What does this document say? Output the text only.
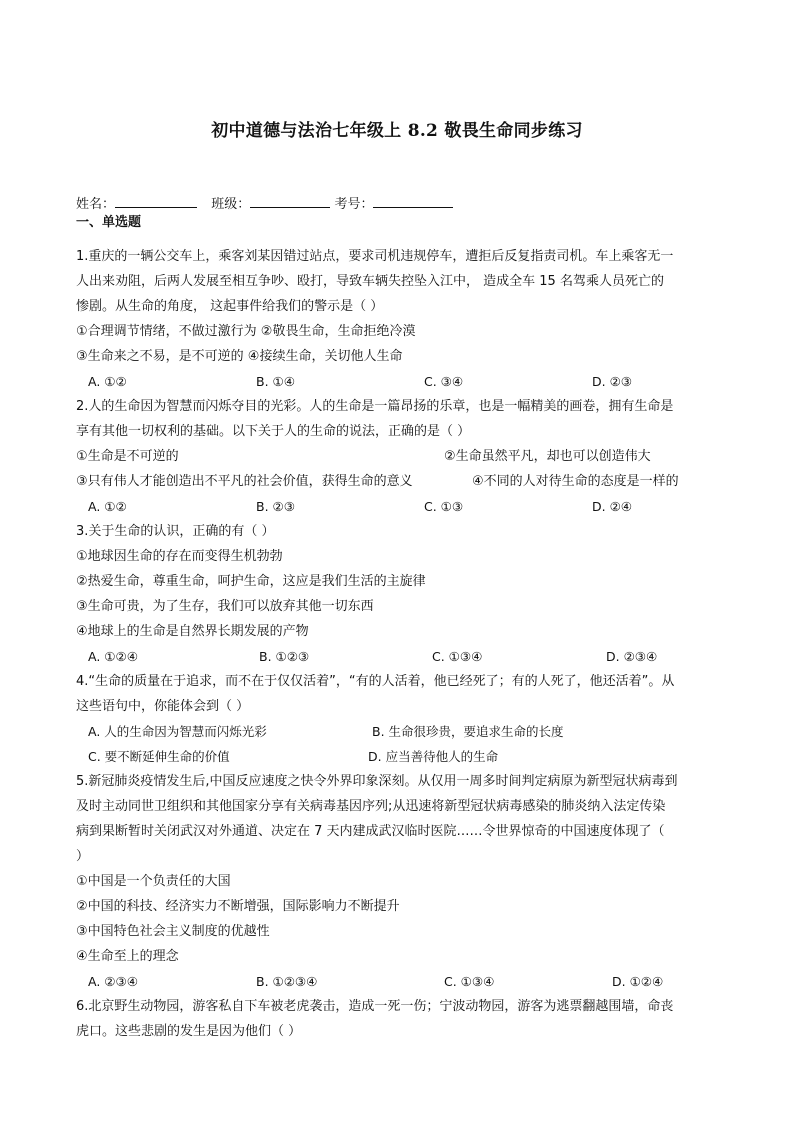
初中道德与法治七年级上 8.2 敬畏生命同步练习
姓名：	班级：	考号：
一、单选题
1.重庆的一辆公交车上，乘客刘某因错过站点，要求司机违规停车，遭拒后反复指责司机。车上乘客无一
人出来劝阻，后两人发展至相互争吵、殴打，导致车辆失控坠入江中， 造成全车 15 名驾乘人员死亡的
惨剧。从生命的角度， 这起事件给我们的警示是（ ）
①合理调节情绪，不做过激行为 ②敬畏生命，生命拒绝冷漠
③生命来之不易，是不可逆的 ④接续生命，关切他人生命
A. ①②	B. ①④	C. ③④	D. ②③
2.人的生命因为智慧而闪烁夺目的光彩。人的生命是一篇昂扬的乐章，也是一幅精美的画卷，拥有生命是
享有其他一切权利的基础。以下关于人的生命的说法，正确的是（ ）
①生命是不可逆的	②生命虽然平凡，却也可以创造伟大
③只有伟人才能创造出不平凡的社会价值，获得生命的意义	④不同的人对待生命的态度是一样的
A. ①②	B. ②③	C. ①③	D. ②④
3.关于生命的认识，正确的有（ ）
①地球因生命的存在而变得生机勃勃
②热爱生命，尊重生命，呵护生命，这应是我们生活的主旋律
③生命可贵，为了生存，我们可以放弃其他一切东西
④地球上的生命是自然界长期发展的产物
A. ①②④	B. ①②③	C. ①③④	D. ②③④
4.“生命的质量在于追求，而不在于仅仅活着”，“有的人活着，他已经死了；有的人死了，他还活着”。从
这些语句中，你能体会到（ ）
A. 人的生命因为智慧而闪烁光彩	B. 生命很珍贵，要追求生命的长度
C. 要不断延伸生命的价值	D. 应当善待他人的生命
5.新冠肺炎疫情发生后,中国反应速度之快令外界印象深刻。从仅用一周多时间判定病原为新型冠状病毒到
及时主动同世卫组织和其他国家分享有关病毒基因序列;从迅速将新型冠状病毒感染的肺炎纳入法定传染
病到果断暂时关闭武汉对外通道、决定在 7 天内建成武汉临时医院……令世界惊奇的中国速度体现了（
）
①中国是一个负责任的大国
②中国的科技、经济实力不断增强，国际影响力不断提升
③中国特色社会主义制度的优越性
④生命至上的理念
A. ②③④	B. ①②③④	C. ①③④	D. ①②④
6.北京野生动物园，游客私自下车被老虎袭击，造成一死一伤；宁波动物园，游客为逃票翻越围墙，命丧
虎口。这些悲剧的发生是因为他们（ ）
